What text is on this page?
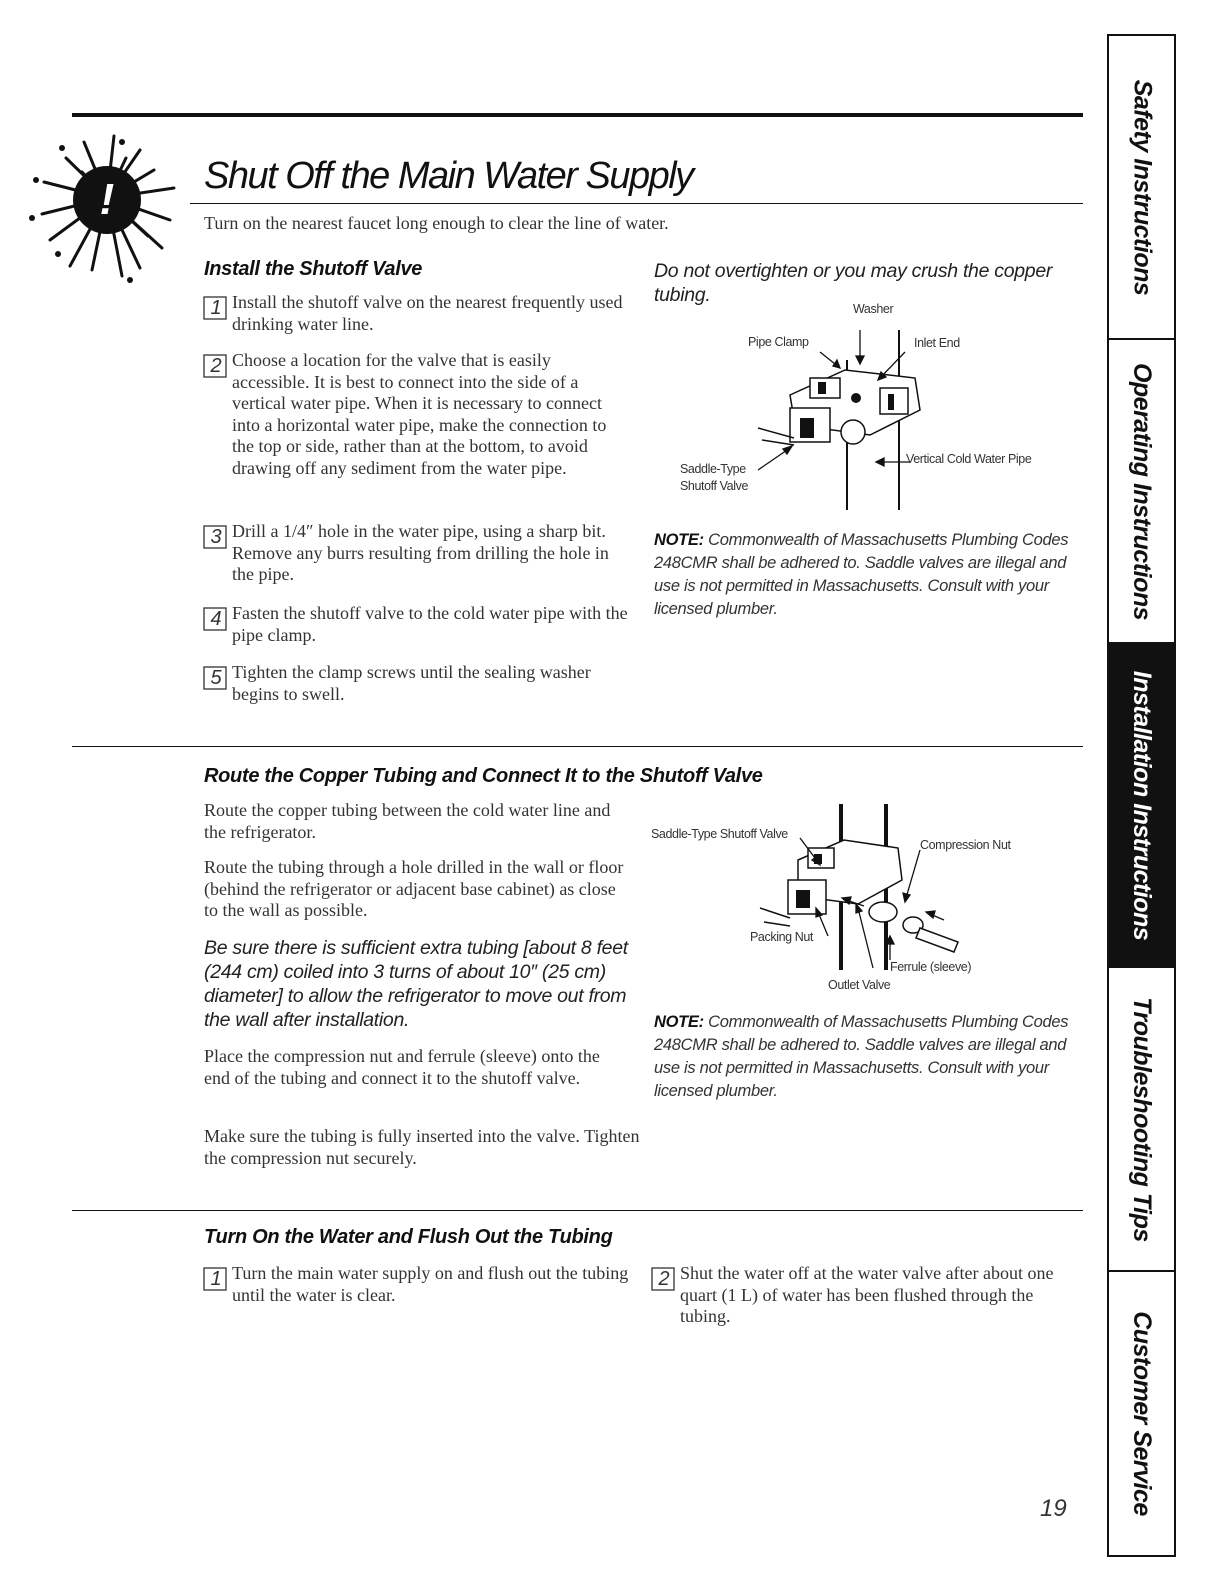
! Shut Off the Main Water Supply
Turn on the nearest faucet long enough to clear the line of water.
Install the Shutoff Valve
1 Install the shutoff valve on the nearest frequently used drinking water line.
2 Choose a location for the valve that is easily accessible. It is best to connect into the side of a vertical water pipe. When it is necessary to connect into a horizontal water pipe, make the connection to the top or side, rather than at the bottom, to avoid drawing off any sediment from the water pipe.
3 Drill a 1/4″ hole in the water pipe, using a sharp bit. Remove any burrs resulting from drilling the hole in the pipe.
4 Fasten the shutoff valve to the cold water pipe with the pipe clamp.
5 Tighten the clamp screws until the sealing washer begins to swell.
Do not overtighten or you may crush the copper tubing.
Washer
Pipe Clamp	Inlet End
Saddle-Type
Shutoff Valve
Vertical Cold Water Pipe
NOTE: Commonwealth of Massachusetts Plumbing Codes 248CMR shall be adhered to. Saddle valves are illegal and use is not permitted in Massachusetts. Consult with your licensed plumber.
Route the Copper Tubing and Connect It to the Shutoff Valve
Route the copper tubing between the cold water line and the refrigerator.
Route the tubing through a hole drilled in the wall or floor (behind the refrigerator or adjacent base cabinet) as close to the wall as possible.
Be sure there is sufficient extra tubing [about 8 feet (244 cm) coiled into 3 turns of about 10″ (25 cm) diameter] to allow the refrigerator to move out from the wall after installation.
Place the compression nut and ferrule (sleeve) onto the end of the tubing and connect it to the shutoff valve.
Make sure the tubing is fully inserted into the valve. Tighten the compression nut securely.
Saddle-Type Shutoff Valve
Compression Nut
Packing Nut
Ferrule (sleeve)
Outlet Valve
NOTE: Commonwealth of Massachusetts Plumbing Codes 248CMR shall be adhered to. Saddle valves are illegal and use is not permitted in Massachusetts. Consult with your licensed plumber.
Turn On the Water and Flush Out the Tubing
1 Turn the main water supply on and flush out the tubing until the water is clear.
2 Shut the water off at the water valve after about one quart (1 L) of water has been flushed through the tubing.
19
Safety Instructions
Operating Instructions
Installation Instructions
Troubleshooting Tips
Customer Service
